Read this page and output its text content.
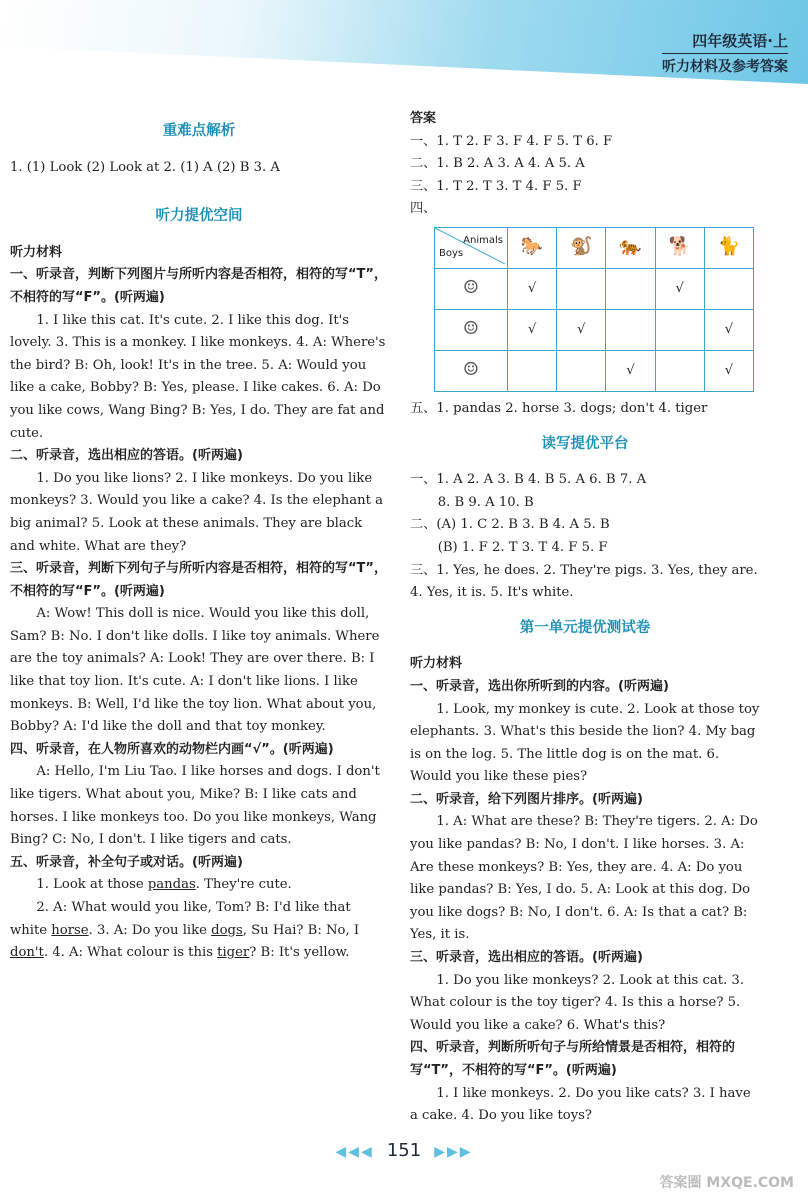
四年级英语·上
听力材料及参考答案
重难点解析

1. (1) Look (2) Look at 2. (1) A (2) B 3. A

听力提优空间

听力材料

一、听录音，判断下列图片与所听内容是否相符，相符的写“T”，不相符的写“F”。(听两遍)

1. I like this cat. It's cute. 2. I like this dog. It's lovely. 3. This is a monkey. I like monkeys. 4. A: Where's the bird? B: Oh, look! It's in the tree. 5. A: Would you like a cake, Bobby? B: Yes, please. I like cakes. 6. A: Do you like cows, Wang Bing? B: Yes, I do. They are fat and cute.

二、听录音，选出相应的答语。(听两遍)

1. Do you like lions? 2. I like monkeys. Do you like monkeys? 3. Would you like a cake? 4. Is the elephant a big animal? 5. Look at these animals. They are black and white. What are they?

三、听录音，判断下列句子与所听内容是否相符，相符的写“T”，不相符的写“F”。(听两遍)

A: Wow! This doll is nice. Would you like this doll, Sam? B: No. I don't like dolls. I like toy animals. Where are the toy animals? A: Look! They are over there. B: I like that toy lion. It's cute. A: I don't like lions. I like monkeys. B: Well, I'd like the toy lion. What about you, Bobby? A: I'd like the doll and that toy monkey.

四、听录音，在人物所喜欢的动物栏内画“√”。(听两遍)

A: Hello, I'm Liu Tao. I like horses and dogs. I don't like tigers. What about you, Mike? B: I like cats and horses. I like monkeys too. Do you like monkeys, Wang Bing? C: No, I don't. I like tigers and cats.

五、听录音，补全句子或对话。(听两遍)

1. Look at those pandas. They're cute.

2. A: What would you like, Tom? B: I'd like that white horse. 3. A: Do you like dogs, Su Hai? B: No, I don't. 4. A: What colour is this tiger? B: It's yellow.

答案

一、1. T 2. F 3. F 4. F 5. T 6. F

二、1. B 2. A 3. A 4. A 5. A

三、1. T 2. T 3. T 4. F 5. F

四、

Animals
Boys	🐎	🐒	🐅	🐕	🐈
☺	√			√	
☺	√	√			√
☺			√		√

五、1. pandas 2. horse 3. dogs; don't 4. tiger

读写提优平台

一、1. A 2. A 3. B 4. B 5. A 6. B 7. A

8. B 9. A 10. B

二、(A) 1. C 2. B 3. B 4. A 5. B

(B) 1. F 2. T 3. T 4. F 5. F

三、1. Yes, he does. 2. They're pigs. 3. Yes, they are. 4. Yes, it is. 5. It's white.

第一单元提优测试卷

听力材料

一、听录音，选出你所听到的内容。(听两遍)

1. Look, my monkey is cute. 2. Look at those toy elephants. 3. What's this beside the lion? 4. My bag is on the log. 5. The little dog is on the mat. 6. Would you like these pies?

二、听录音，给下列图片排序。(听两遍)

1. A: What are these? B: They're tigers. 2. A: Do you like pandas? B: No, I don't. I like horses. 3. A: Are these monkeys? B: Yes, they are. 4. A: Do you like pandas? B: Yes, I do. 5. A: Look at this dog. Do you like dogs? B: No, I don't. 6. A: Is that a cat? B: Yes, it is.

三、听录音，选出相应的答语。(听两遍)

1. Do you like monkeys? 2. Look at this cat. 3. What colour is the toy tiger? 4. Is this a horse? 5. Would you like a cake? 6. What's this?

四、听录音，判断所听句子与所给情景是否相符，相符的写“T”，不相符的写“F”。(听两遍)

1. I like monkeys. 2. Do you like cats? 3. I have a cake. 4. Do you like toys?

◀◀◀ 151 ▶▶▶
答案圈 MXQE.COM
